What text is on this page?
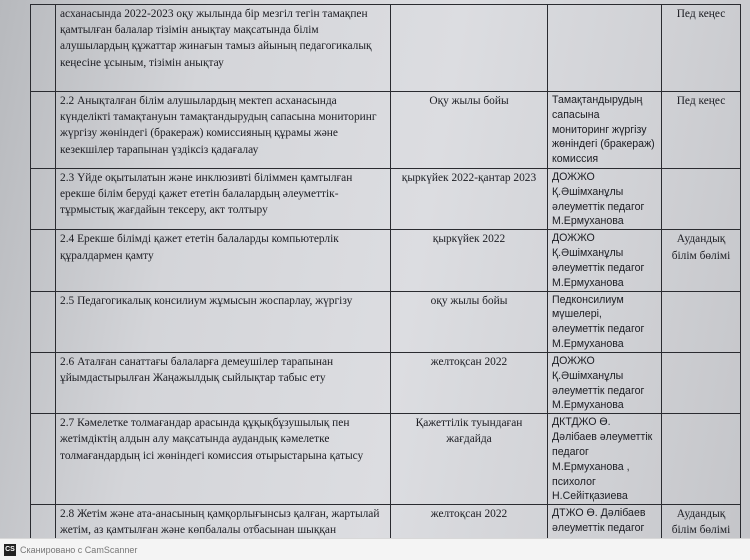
	асханасында 2022-2023 оқу жылында бір мезгіл тегін тамақпен қамтылған балалар тізімін анықтау мақсатында білім алушылардың құжаттар жинағын тамыз айының педагогикалық кеңесіне ұсыным, тізімін анықтау			Пед кеңес
	2.2 Анықталған білім алушылардың мектеп асханасында күнделікті тамақтануын тамақтандырудың сапасына мониторинг жүргізу жөніндегі (бракераж) комиссияның құрамы және кезекшілер тарапынан үздіксіз қадағалау	Оқу жылы бойы	Тамақтандырудың сапасына мониторинг жүргізу жөніндегі (бракераж) комиссия	Пед кеңес
	2.3 Үйде оқытылатын және инклюзивті біліммен қамтылған ерекше білім беруді қажет ететін балалардың әлеуметтік-тұрмыстық жағдайын тексеру, акт толтыру	қыркүйек 2022-қантар 2023	ДОЖЖО Қ.Әшімханұлы әлеуметтік педагог М.Ермуханова	
	2.4 Ерекше білімді қажет ететін балаларды компьютерлік құралдармен қамту	қыркүйек 2022	ДОЖЖО Қ.Әшімханұлы әлеуметтік педагог М.Ермуханова	Аудандық білім бөлімі
	2.5 Педагогикалық консилиум жұмысын жоспарлау, жүргізу	оқу жылы бойы	Педконсилиум мүшелері, әлеуметтік педагог М.Ермуханова	
	2.6 Аталған санаттағы балаларға демеушілер тарапынан ұйымдастырылған Жаңажылдық сыйлықтар табыс ету	желтоқсан 2022	ДОЖЖО Қ.Әшімханұлы әлеуметтік педагог М.Ермуханова	
	2.7 Кәмелетке толмағандар арасында құқықбұзушылық пен жетімдіктің алдын алу мақсатында аудандық кәмелетке толмағандардың ісі жөніндегі комиссия отырыстарына қатысу	Қажеттілік туындаған жағдайда	ДКТДЖО Ө. Дәлібаев әлеуметтік педагог М.Ермуханова , психолог Н.Сейітқазиева	
	2.8 Жетім және ата-анасының қамқорлығынсыз қалған, жартылай жетім, аз қамтылған және көпбалалы отбасынан шыққан	желтоқсан 2022	ДТЖО Ө. Дәлібаев әлеуметтік педагог	Аудандық білім бөлімі

CS Сканировано с CamScanner
